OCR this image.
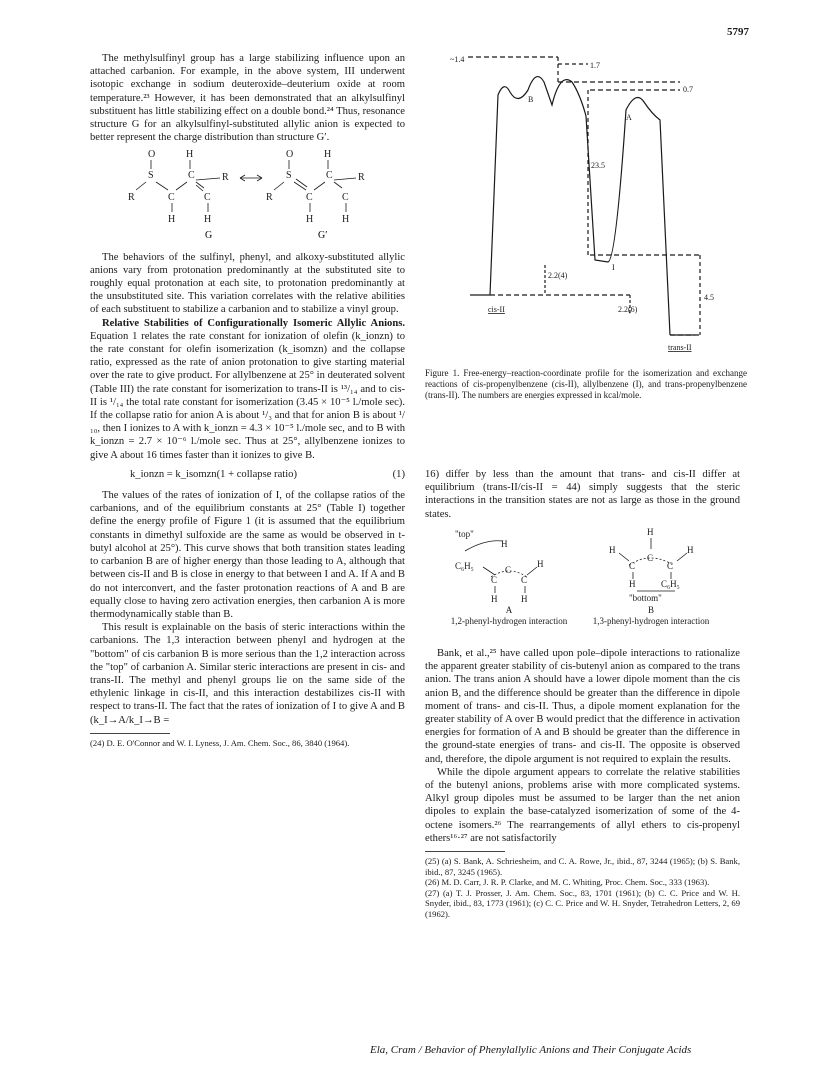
5797

The methylsulfinyl group has a large stabilizing influence upon an attached carbanion. For example, in the above system, III underwent isotopic exchange in sodium deuteroxide–deuterium oxide at room temperature.²³ However, it has been demonstrated that an alkylsulfinyl substituent has little stabilizing effect on a double bond.²⁴ Thus, resonance structure G for an alkylsulfinyl-substituted allylic anion is expected to better represent the charge distribution than structure G′.

O	H
S	C
R	C	C
R
H	H
O	H
S	C
R	C	C
R
H	H
G	G′

The behaviors of the sulfinyl, phenyl, and alkoxy-substituted allylic anions vary from protonation predominantly at the substituted site to roughly equal protonation at each site, to protonation predominantly at the unsubstituted site. This variation correlates with the relative abilities of each substituent to stabilize a carbanion and to stabilize a vinyl group.

Relative Stabilities of Configurationally Isomeric Allylic Anions. Equation 1 relates the rate constant for ionization of olefin (k_ionzn) to the rate constant for olefin isomerization (k_isomzn) and the collapse ratio, expressed as the rate of anion protonation to give starting material over the rate to give product. For allylbenzene at 25° in deuterated solvent (Table III) the rate constant for isomerization to trans-II is ¹³/₁₄ and to cis-II is ¹/₁₄ the total rate constant for isomerization (3.45 × 10⁻⁵ l./mole sec). If the collapse ratio for anion A is about ¹/₃ and that for anion B is about ¹/₁₀, then I ionizes to A with k_ionzn = 4.3 × 10⁻⁵ l./mole sec, and to B with k_ionzn = 2.7 × 10⁻⁶ l./mole sec. Thus at 25°, allylbenzene ionizes to give A about 16 times faster than it ionizes to give B.

k_ionzn = k_isomzn(1 + collapse ratio)	(1)

The values of the rates of ionization of I, of the collapse ratios of the carbanions, and of the equilibrium constants at 25° (Table I) together define the energy profile of Figure 1 (it is assumed that the equilibrium constants in dimethyl sulfoxide are the same as would be observed in t-butyl alcohol at 25°). This curve shows that both transition states leading to carbanion B are of higher energy than those leading to A, although that between cis-II and B is close in energy to that between I and A. If A and B do not interconvert, and the faster protonation reactions of A and B are equally close to having zero activation energies, then carbanion A is more thermodynamically stable than B.

This result is explainable on the basis of steric interactions within the carbanions. The 1,3 interaction between phenyl and hydrogen at the "bottom" of cis carbanion B is more serious than the 1,2 interaction across the "top" of carbanion A. Similar steric interactions are present in cis- and trans-II. The methyl and phenyl groups lie on the same side of the ethylenic linkage in cis-II, and this interaction destabilizes cis-II with respect to trans-II. The fact that the rates of ionization of I to give A and B (k_I→A/k_I→B =

(24) D. E. O'Connor and W. I. Lyness, J. Am. Chem. Soc., 86, 3840 (1964).

~1.4
1.7
0.7
23.5
2.2(4)
2.2(6)
4.5
B
A
I
cis-II
trans-II
Figure 1. Free-energy–reaction-coordinate profile for the isomerization and exchange reactions of cis-propenylbenzene (cis-II), allylbenzene (I), and trans-propenylbenzene (trans-II). The numbers are energies expressed in kcal/mole.

16) differ by less than the amount that trans- and cis-II differ at equilibrium (trans-II/cis-II = 44) simply suggests that the steric interactions in the transition states are not as large as those in the ground states.

"top"
H
C₆H₅
C
C
C
H
H	H
H
H
C
C
C
H
H	C₆H₅
"bottom"
A
1,2-phenyl-hydrogen interaction
B
1,3-phenyl-hydrogen interaction

Bank, et al.,²⁵ have called upon pole–dipole interactions to rationalize the apparent greater stability of cis-butenyl anion as compared to the trans anion. The trans anion A should have a lower dipole moment than the cis anion B, and the difference should be greater than the difference in dipole moment of trans- and cis-II. Thus, a dipole moment explanation for the greater stability of A over B would predict that the difference in activation energies for formation of A and B should be greater than the difference in the ground-state energies of trans- and cis-II. The opposite is observed and, therefore, the dipole argument is not required to explain the results.

While the dipole argument appears to correlate the relative stabilities of the butenyl anions, problems arise with more complicated systems. Alkyl group dipoles must be assumed to be larger than the net anion dipoles to explain the base-catalyzed isomerization of some of the 4-octene isomers.²⁶ The rearrangements of allyl ethers to cis-propenyl ethers¹⁶·²⁷ are not satisfactorily

(25) (a) S. Bank, A. Schriesheim, and C. A. Rowe, Jr., ibid., 87, 3244 (1965); (b) S. Bank, ibid., 87, 3245 (1965).

(26) M. D. Carr, J. R. P. Clarke, and M. C. Whiting, Proc. Chem. Soc., 333 (1963).

(27) (a) T. J. Prosser, J. Am. Chem. Soc., 83, 1701 (1961); (b) C. C. Price and W. H. Snyder, ibid., 83, 1773 (1961); (c) C. C. Price and W. H. Snyder, Tetrahedron Letters, 2, 69 (1962).

Ela, Cram / Behavior of Phenylallylic Anions and Their Conjugate Acids
